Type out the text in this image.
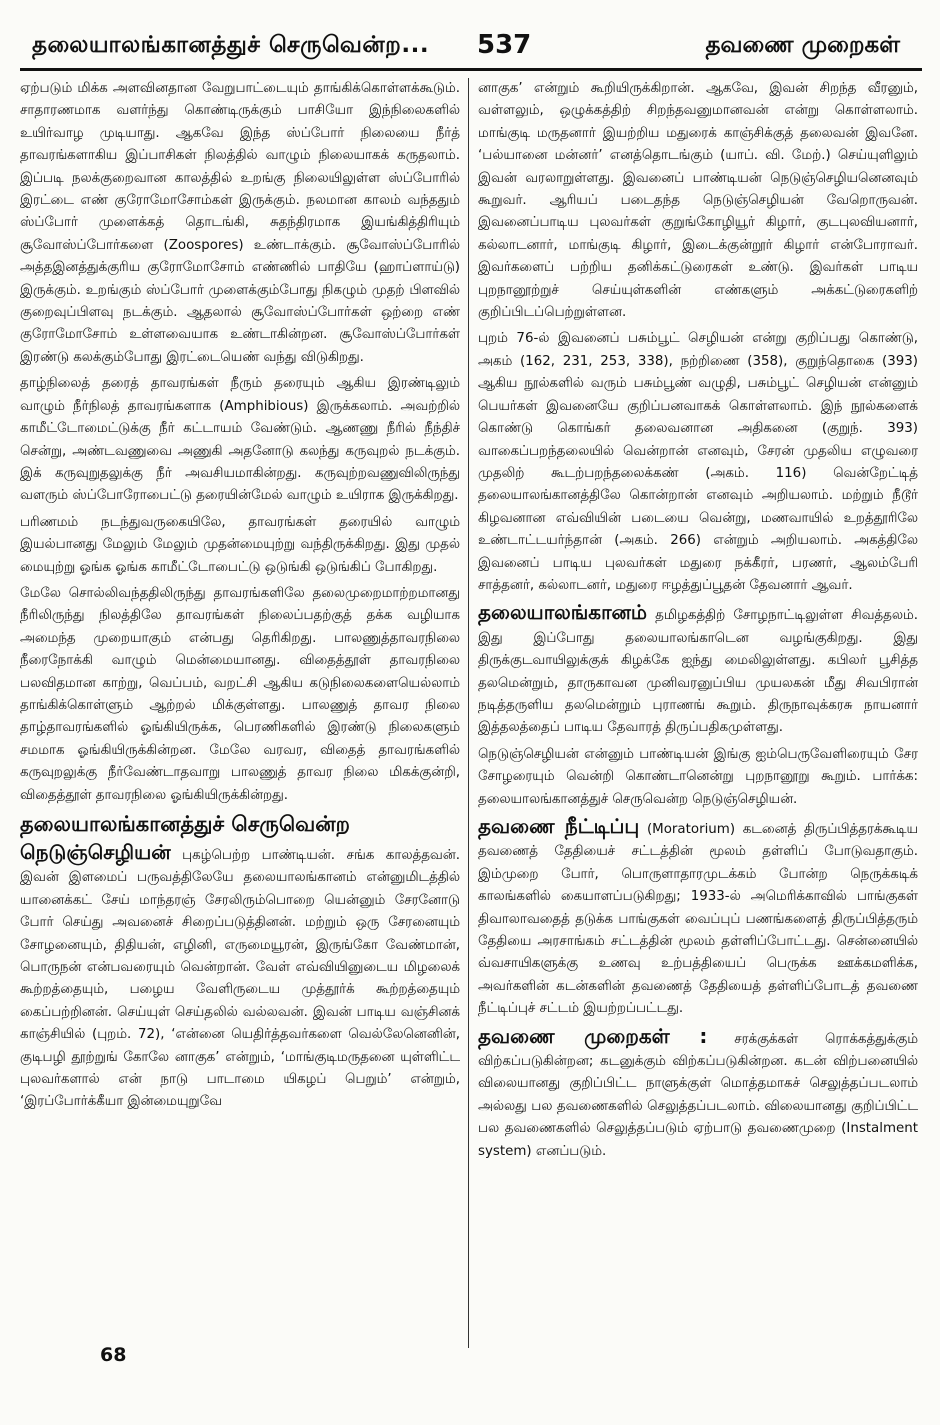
தலையாலங்கானத்துச் செருவென்ற... 537	தவணை முறைகள்

ஏற்படும் மிக்க அளவினதான வேறுபாட்டையும் தாங்கிக்கொள்ளக்கூடும். சாதாரணமாக வளர்ந்து கொண்டிருக்கும் பாசியோ இந்நிலைகளில் உயிர்வாழ முடியாது. ஆகவே இந்த ஸ்ப்போர் நிலையை நீர்த் தாவரங்களாகிய இப்பாசிகள் நிலத்தில் வாழும் நிலையாகக் கருதலாம். இப்படி நலக்குறைவான காலத்தில் உறங்கு நிலையிலுள்ள ஸ்ப்போரில் இரட்டை எண் குரோமோசோம்கள் இருக்கும். நலமான காலம் வந்ததும் ஸ்ப்போர் முளைக்கத் தொடங்கி, சுதந்திரமாக இயங்கித்திரியும் சூவோஸ்ப்போர்களை (Zoospores) உண்டாக்கும். சூவோஸ்ப்போரில் அத்தஇனத்துக்குரிய குரோமோசோம் எண்ணில் பாதியே (ஹாப்ளாய்டு) இருக்கும். உறங்கும் ஸ்ப்போர் முளைக்கும்போது நிகழும் முதற் பிளவில் குறைவுப்பிளவு நடக்கும். ஆதலால் சூவோஸ்ப்போர்கள் ஒற்றை எண் குரோமோசோம் உள்ளவையாக உண்டாகின்றன. சூவோஸ்ப்போர்கள் இரண்டு கலக்கும்போது இரட்டையெண் வந்து விடுகிறது.

தாழ்நிலைத் தரைத் தாவரங்கள் நீரும் தரையும் ஆகிய இரண்டிலும் வாழும் நீர்நிலத் தாவரங்களாக (Amphibious) இருக்கலாம். அவற்றில் காமீட்டோமைட்டுக்கு நீர் கட்டாயம் வேண்டும். ஆணணு நீரில் நீந்திச் சென்று, அண்டவணுவை அணுகி அதனோடு கலந்து கருவுறல் நடக்கும். இக் கருவுறுதலுக்கு நீர் அவசியமாகின்றது. கருவுற்றவணுவிலிருந்து வளரும் ஸ்ப்போரோபைட்டு தரையின்மேல் வாழும் உயிராக இருக்கிறது.

பரிணமம் நடந்துவருகையிலே, தாவரங்கள் தரையில் வாழும் இயல்பானது மேலும் மேலும் முதன்மையுற்று வந்திருக்கிறது. இது முதல் மையுற்று ஓங்க ஓங்க காமீட்டோபைட்டு ஒடுங்கி ஒடுங்கிப் போகிறது.

மேலே சொல்லிவந்ததிலிருந்து தாவரங்களிலே தலைமுறைமாற்றமானது நீரிலிருந்து நிலத்திலே தாவரங்கள் நிலைப்பதற்குத் தக்க வழியாக அமைந்த முறையாகும் என்பது தெரிகிறது. பாலணுத்தாவரநிலை நீரைநோக்கி வாழும் மென்மையானது. விதைத்தூள் தாவரநிலை பலவிதமான காற்று, வெப்பம், வறட்சி ஆகிய கடுநிலைகளையெல்லாம் தாங்கிக்கொள்ளும் ஆற்றல் மிக்குள்ளது. பாலணுத் தாவர நிலை தாழ்தாவரங்களில் ஓங்கியிருக்க, பெரணிகளில் இரண்டு நிலைகளும் சமமாக ஓங்கியிருக்கின்றன. மேலே வரவர, விதைத் தாவரங்களில் கருவுறலுக்கு நீர்வேண்டாதவாறு பாலணுத் தாவர நிலை மிகக்குன்றி, விதைத்தூள் தாவரநிலை ஓங்கியிருக்கின்றது.

தலையாலங்கானத்துச் செருவென்ற

நெடுஞ்செழியன் புகழ்பெற்ற பாண்டியன். சங்க காலத்தவன். இவன் இளமைப் பருவத்திலேயே தலையாலங்கானம் என்னுமிடத்தில் யானைக்கட் சேய் மாந்தரஞ் சேரலிரும்பொறை யென்னும் சேரனோடு போர் செய்து அவனைச் சிறைப்படுத்தினன். மற்றும் ஒரு சேரனையும் சோழனையும், திதியன், எழினி, எருமையூரன், இருங்கோ வேண்மான், பொருநன் என்பவரையும் வென்றான். வேள் எவ்வியினுடைய மிழலைக் கூற்றத்தையும், பழைய வேளிருடைய முத்தூர்க் கூற்றத்தையும் கைப்பற்றினன். செய்யுள் செய்தலில் வல்லவன். இவன் பாடிய வஞ்சினக் காஞ்சியில் (புறம். 72), ‘என்னை யெதிர்த்தவர்களை வெல்லேனெனின், குடிபழி தூற்றுங் கோலே னாகுக’ என்றும், ‘மாங்குடிமருதனை யுள்ளிட்ட புலவர்களால் என் நாடு பாடாமை யிகழப் பெறும்’ என்றும், ‘இரப்போர்க்கீயா இன்மையுறுவே

னாகுக’ என்றும் கூறியிருக்கிறான். ஆகவே, இவன் சிறந்த வீரனும், வள்ளலும், ஒழுக்கத்திற் சிறந்தவனுமானவன் என்று கொள்ளலாம். மாங்குடி மருதனார் இயற்றிய மதுரைக் காஞ்சிக்குத் தலைவன் இவனே. ‘பல்யானை மன்னர்’ எனத்தொடங்கும் (யாப். வி. மேற்.) செய்யுளிலும் இவன் வரலாறுள்ளது. இவனைப் பாண்டியன் நெடுஞ்செழியனெனவும் கூறுவர். ஆரியப் படைதந்த நெடுஞ்செழியன் வேறொருவன். இவனைப்பாடிய புலவர்கள் குறுங்கோழியூர் கிழார், குடபுலவியனார், கல்லாடனார், மாங்குடி கிழார், இடைக்குன்றூர் கிழார் என்போராவர். இவர்களைப் பற்றிய தனிக்கட்டுரைகள் உண்டு. இவர்கள் பாடிய புறநானூற்றுச் செய்யுள்களின் எண்களும் அக்கட்டுரைகளிற் குறிப்பிடப்பெற்றுள்ளன.

புறம் 76-ல் இவனைப் பசும்பூட் செழியன் என்று குறிப்பது கொண்டு, அகம் (162, 231, 253, 338), நற்றிணை (358), குறுந்தொகை (393) ஆகிய நூல்களில் வரும் பசும்பூண் வழுதி, பசும்பூட் செழியன் என்னும் பெயர்கள் இவனையே குறிப்பனவாகக் கொள்ளலாம். இந் நூல்களைக் கொண்டு கொங்கர் தலைவனான அதிகனை (குறுந். 393) வாகைப்பறந்தலையில் வென்றான் எனவும், சேரன் முதலிய எழுவரை முதலிற் கூடற்பறந்தலைக்கண் (அகம். 116) வென்றேட்டித் தலையாலங்கானத்திலே கொன்றான் எனவும் அறியலாம். மற்றும் நீடூர் கிழவனான எவ்வியின் படையை வென்று, மணவாயில் உறத்தூரிலே உண்டாட்டயர்ந்தான் (அகம். 266) என்றும் அறியலாம். அகத்திலே இவனைப் பாடிய புலவர்கள் மதுரை நக்கீரர், பரணர், ஆலம்பேரி சாத்தனர், கல்லாடனர், மதுரை ஈழத்துப்பூதன் தேவனார் ஆவர்.

தலையாலங்கானம் தமிழகத்திற் சோழநாட்டிலுள்ள சிவத்தலம். இது இப்போது தலையாலங்காடென வழங்குகிறது. இது திருக்குடவாயிலுக்குக் கிழக்கே ஐந்து மைலிலுள்ளது. கபிலர் பூசித்த தலமென்றும், தாருகாவன முனிவரனுப்பிய முயலகன் மீது சிவபிரான் நடித்தருளிய தலமென்றும் புராணங் கூறும். திருநாவுக்கரசு நாயனார் இத்தலத்தைப் பாடிய தேவாரத் திருப்பதிகமுள்ளது.

நெடுஞ்செழியன் என்னும் பாண்டியன் இங்கு ஐம்பெருவேளிரையும் சேர சோழரையும் வென்றி கொண்டானென்று புறநானூறு கூறும். பார்க்க: தலையாலங்கானத்துச் செருவென்ற நெடுஞ்செழியன்.

தவணை நீட்டிப்பு (Moratorium) கடனைத் திருப்பித்தரக்கூடிய தவணைத் தேதியைச் சட்டத்தின் மூலம் தள்ளிப் போடுவதாகும். இம்முறை போர், பொருளாதாரமுடக்கம் போன்ற நெருக்கடிக் காலங்களில் கையாளப்படுகிறது; 1933-ல் அமெரிக்காவில் பாங்குகள் திவாலாவதைத் தடுக்க பாங்குகள் வைப்புப் பணங்களைத் திருப்பித்தரும் தேதியை அரசாங்கம் சட்டத்தின் மூலம் தள்ளிப்போட்டது. சென்னையில் வ்வசாயிகளுக்கு உணவு உற்பத்தியைப் பெருக்க ஊக்கமளிக்க, அவர்களின் கடன்களின் தவணைத் தேதியைத் தள்ளிப்போடத் தவணை நீட்டிப்புச் சட்டம் இயற்றப்பட்டது.

தவணை முறைகள் : சரக்குக்கள் ரொக்கத்துக்கும் விற்கப்படுகின்றன; கடனுக்கும் விற்கப்படுகின்றன. கடன் விற்பனையில் விலையானது குறிப்பிட்ட நாளுக்குள் மொத்தமாகச் செலுத்தப்படலாம் அல்லது பல தவணைகளில் செலுத்தப்படலாம். விலையானது குறிப்பிட்ட பல தவணைகளில் செலுத்தப்படும் ஏற்பாடு தவணைமுறை (Instalment system) எனப்படும்.

68
